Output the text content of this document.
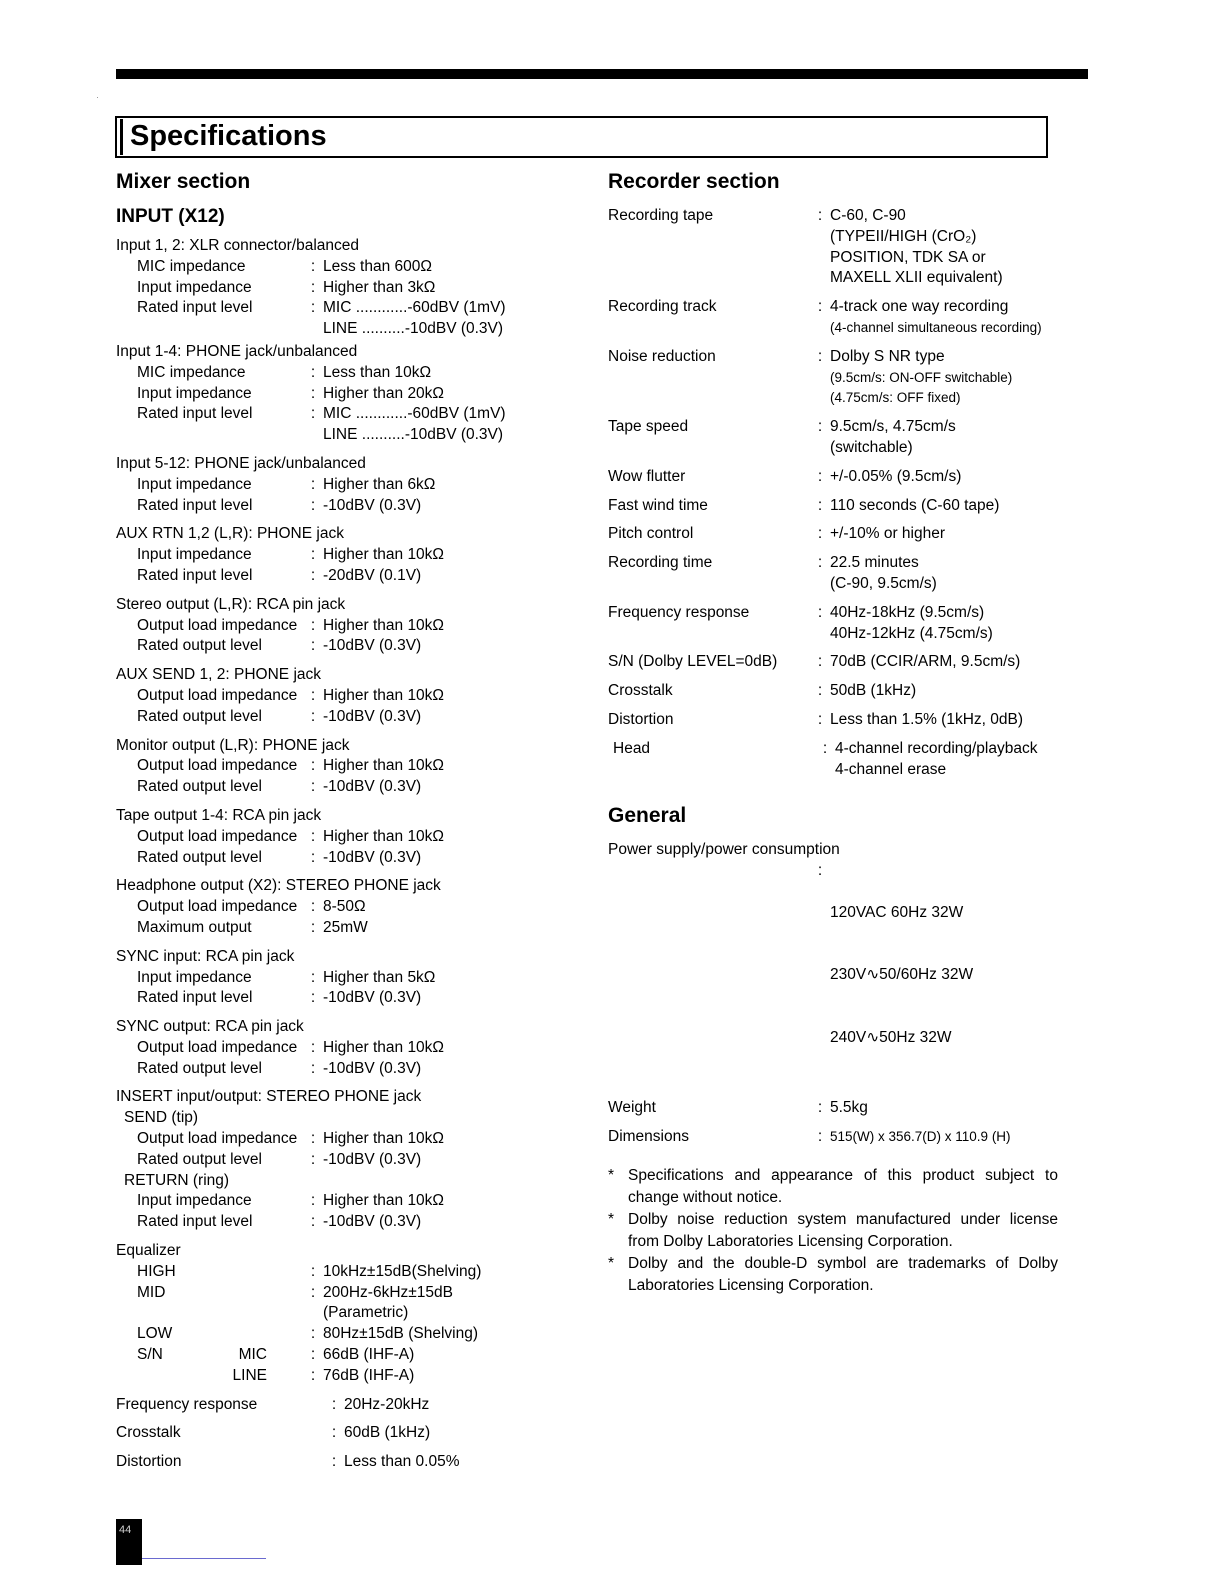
Specifications
Mixer section
INPUT (X12)
Input 1, 2: XLR connector/balanced
MIC impedance	: Less than 600Ω
Input impedance	: Higher than 3kΩ
Rated input level	: MIC ............-60dBV (1mV)
LINE ..........-10dBV (0.3V)
Input 1-4: PHONE jack/unbalanced
MIC impedance	: Less than 10kΩ
Input impedance	: Higher than 20kΩ
Rated input level	: MIC ............-60dBV (1mV)
LINE ..........-10dBV (0.3V)
Input 5-12: PHONE jack/unbalanced
Input impedance	: Higher than 6kΩ
Rated input level	: -10dBV (0.3V)
AUX RTN 1,2 (L,R): PHONE jack
Input impedance	: Higher than 10kΩ
Rated input level	: -20dBV (0.1V)
Stereo output (L,R): RCA pin jack
Output load impedance : Higher than 10kΩ
Rated output level	: -10dBV (0.3V)
AUX SEND 1, 2: PHONE jack
Output load impedance : Higher than 10kΩ
Rated output level	: -10dBV (0.3V)
Monitor output (L,R): PHONE jack
Output load impedance : Higher than 10kΩ
Rated output level	: -10dBV (0.3V)
Tape output 1-4: RCA pin jack
Output load impedance : Higher than 10kΩ
Rated output level	: -10dBV (0.3V)
Headphone output (X2): STEREO PHONE jack
Output load impedance : 8-50Ω
Maximum output	: 25mW
SYNC input: RCA pin jack
Input impedance	: Higher than 5kΩ
Rated input level	: -10dBV (0.3V)
SYNC output: RCA pin jack
Output load impedance : Higher than 10kΩ
Rated output level	: -10dBV (0.3V)
INSERT input/output: STEREO PHONE jack
SEND (tip)
Output load impedance : Higher than 10kΩ
Rated output level	: -10dBV (0.3V)
RETURN (ring)
Input impedance	: Higher than 10kΩ
Rated input level	: -10dBV (0.3V)
Equalizer
HIGH	: 10kHz±15dB(Shelving)
MID	: 200Hz-6kHz±15dB
(Parametric)
LOW	: 80Hz±15dB (Shelving)
S/N	MIC	: 66dB (IHF-A)
LINE	: 76dB (IHF-A)
Frequency response	: 20Hz-20kHz
Crosstalk	: 60dB (1kHz)
Distortion	: Less than 0.05%
Recorder section
Recording tape	: C-60, C-90
(TYPEII/HIGH (CrO₂)
POSITION, TDK SA or
MAXELL XLII equivalent)
Recording track	: 4-track one way recording
(4-channel simultaneous recording)
Noise reduction	: Dolby S NR type
(9.5cm/s: ON-OFF switchable)
(4.75cm/s: OFF fixed)
Tape speed	: 9.5cm/s, 4.75cm/s
(switchable)
Wow flutter	: +/-0.05% (9.5cm/s)
Fast wind time	: 110 seconds (C-60 tape)
Pitch control	: +/-10% or higher
Recording time	: 22.5 minutes
(C-90, 9.5cm/s)
Frequency response	: 40Hz-18kHz (9.5cm/s)
40Hz-12kHz (4.75cm/s)
S/N (Dolby LEVEL=0dB)	: 70dB (CCIR/ARM, 9.5cm/s)
Crosstalk	: 50dB (1kHz)
Distortion	: Less than 1.5% (1kHz, 0dB)
Head	: 4-channel recording/playback
4-channel erase
General
Power supply/power consumption
:

120VAC 60Hz 32W

230V∿50/60Hz 32W

240V∿50Hz 32W

Weight	: 5.5kg
Dimensions	: 515(W) x 356.7(D) x 110.9 (H)
* Specifications and appearance of this product subject to change without notice.
* Dolby noise reduction system manufactured under license from Dolby Laboratories Licensing Corporation.
* Dolby and the double-D symbol are trademarks of Dolby Laboratories Licensing Corporation.
44
